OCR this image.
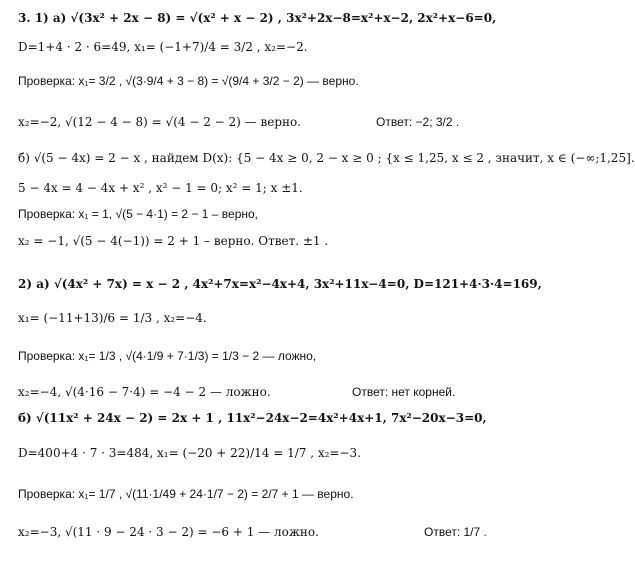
3. 1) а) √(3x² + 2x − 8) = √(x² + x − 2) , 3x²+2x−8=x²+x−2, 2x²+x−6=0,
D=1+4 · 2 · 6=49, x₁= (−1+7)/4 = 3/2 , x₂=−2.
Проверка: x₁= 3/2 , √(3·9/4 + 3 − 8) = √(9/4 + 3/2 − 2) — верно.
x₂=−2, √(12 − 4 − 8) = √(4 − 2 − 2) — верно.	Ответ: −2; 3/2 .
б) √(5 − 4x) = 2 − x , найдем D(x): {5 − 4x ≥ 0, 2 − x ≥ 0 ; {x ≤ 1,25, x ≤ 2 , значит, x ∈ (−∞;1,25].
5 − 4x = 4 − 4x + x² , x² − 1 = 0; x² = 1; x ±1.
Проверка: x₁ = 1, √(5 − 4·1) = 2 − 1 – верно,
x₂ = −1, √(5 − 4(−1)) = 2 + 1 – верно. Ответ. ±1 .
2) а) √(4x² + 7x) = x − 2 , 4x²+7x=x²−4x+4, 3x²+11x−4=0, D=121+4·3·4=169,
x₁= (−11+13)/6 = 1/3 , x₂=−4.
Проверка: x₁= 1/3 , √(4·1/9 + 7·1/3) = 1/3 − 2 — ложно,
x₂=−4, √(4·16 − 7·4) = −4 − 2 — ложно.	Ответ: нет корней.
б) √(11x² + 24x − 2) = 2x + 1 , 11x²−24x−2=4x²+4x+1, 7x²−20x−3=0,
D=400+4 · 7 · 3=484, x₁= (−20 + 22)/14 = 1/7 , x₂=−3.
Проверка: x₁= 1/7 , √(11·1/49 + 24·1/7 − 2) = 2/7 + 1 — верно.
x₂=−3, √(11 · 9 − 24 · 3 − 2) = −6 + 1 — ложно.	Ответ: 1/7 .
